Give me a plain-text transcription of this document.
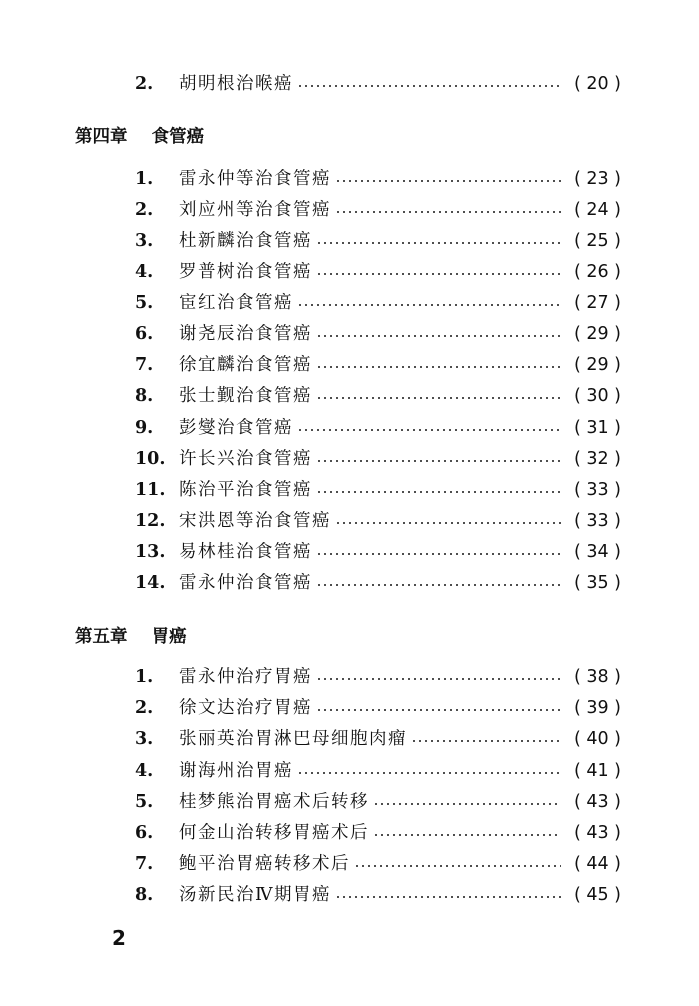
2.	胡明根治喉癌	( 20 )
第四章 食管癌
1.	雷永仲等治食管癌	( 23 )
2.	刘应州等治食管癌	( 24 )
3.	杜新麟治食管癌	( 25 )
4.	罗普树治食管癌	( 26 )
5.	宦红治食管癌	( 27 )
6.	谢尧辰治食管癌	( 29 )
7.	徐宜麟治食管癌	( 29 )
8.	张士觐治食管癌	( 30 )
9.	彭燮治食管癌	( 31 )
10. 许长兴治食管癌	( 32 )
11. 陈治平治食管癌	( 33 )
12. 宋洪恩等治食管癌	( 33 )
13. 易林桂治食管癌	( 34 )
14. 雷永仲治食管癌	( 35 )
第五章 胃癌
1.	雷永仲治疗胃癌	( 38 )
2.	徐文达治疗胃癌	( 39 )
3.	张丽英治胃淋巴母细胞肉瘤	( 40 )
4.	谢海州治胃癌	( 41 )
5.	桂梦熊治胃癌术后转移	( 43 )
6.	何金山治转移胃癌术后	( 43 )
7.	鲍平治胃癌转移术后	( 44 )
8.	汤新民治Ⅳ期胃癌	( 45 )
2
